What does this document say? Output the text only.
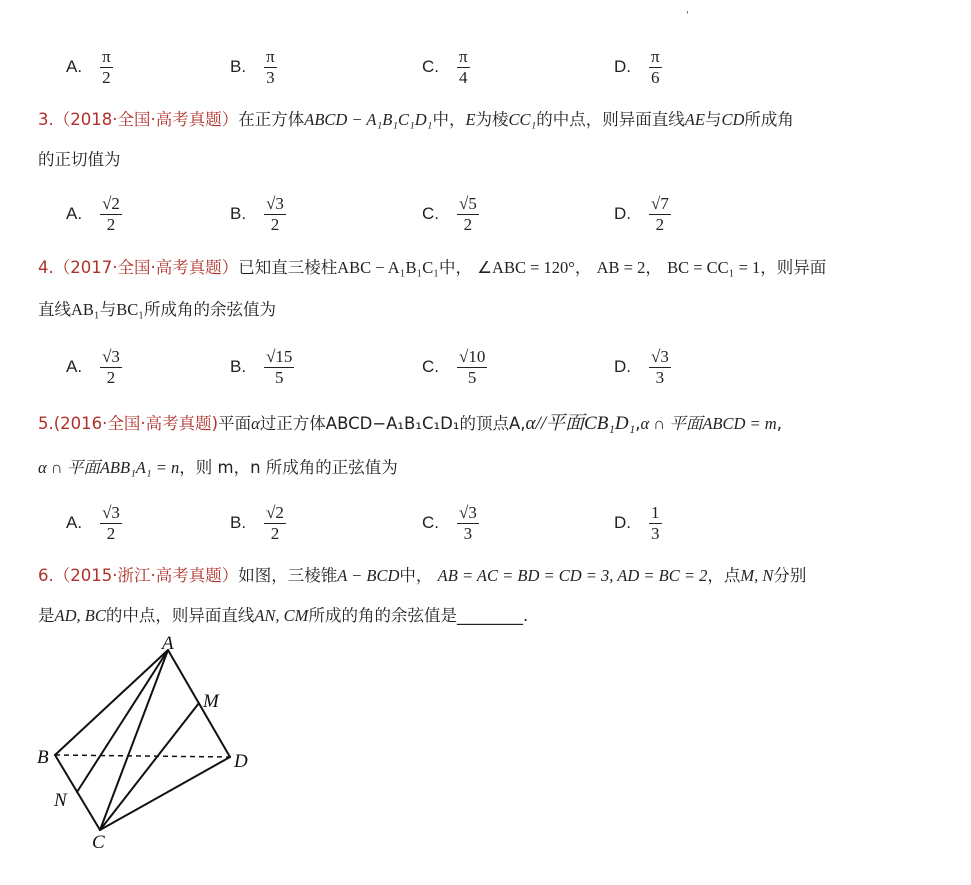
'
A. $\frac{\pi}{2}$	B. $\frac{\pi}{3}$	C. $\frac{\pi}{4}$	D. $\frac{\pi}{6}$
3.（2018·全国·高考真题）在正方体ABCD − A₁B₁C₁D₁中，E为棱CC₁的中点，则异面直线AE与CD所成角
的正切值为
A. $\frac{√2}{2}$	B. $\frac{√3}{2}$	C. $\frac{√5}{2}$	D. $\frac{√7}{2}$
4.（2017·全国·高考真题）已知直三棱柱ABC − A₁B₁C₁中， ∠ABC = 120°， AB = 2， BC = CC₁ = 1，则异面
直线AB₁与BC₁所成角的余弦值为
A. $\frac{√3}{2}$	B. $\frac{√15}{5}$	C. $\frac{√10}{5}$	D. $\frac{√3}{3}$
5.(2016·全国·高考真题)平面α过正方体ABCD−A₁B₁C₁D₁的顶点A,α//平面CB₁D₁,α ∩ 平面ABCD = m,
α ∩ 平面ABB₁A₁ = n，则 m，n 所成角的正弦值为
A. $\frac{√3}{2}$	B. $\frac{√2}{2}$	C. $\frac{√3}{3}$	D. $\frac{1}{3}$
6.（2015·浙江·高考真题）如图，三棱锥A − BCD中， AB = AC = BD = CD = 3, AD = BC = 2，点M, N分别
是AD, BC的中点，则异面直线AN, CM所成的角的余弦值是________.
A
B
C
D
M
N
